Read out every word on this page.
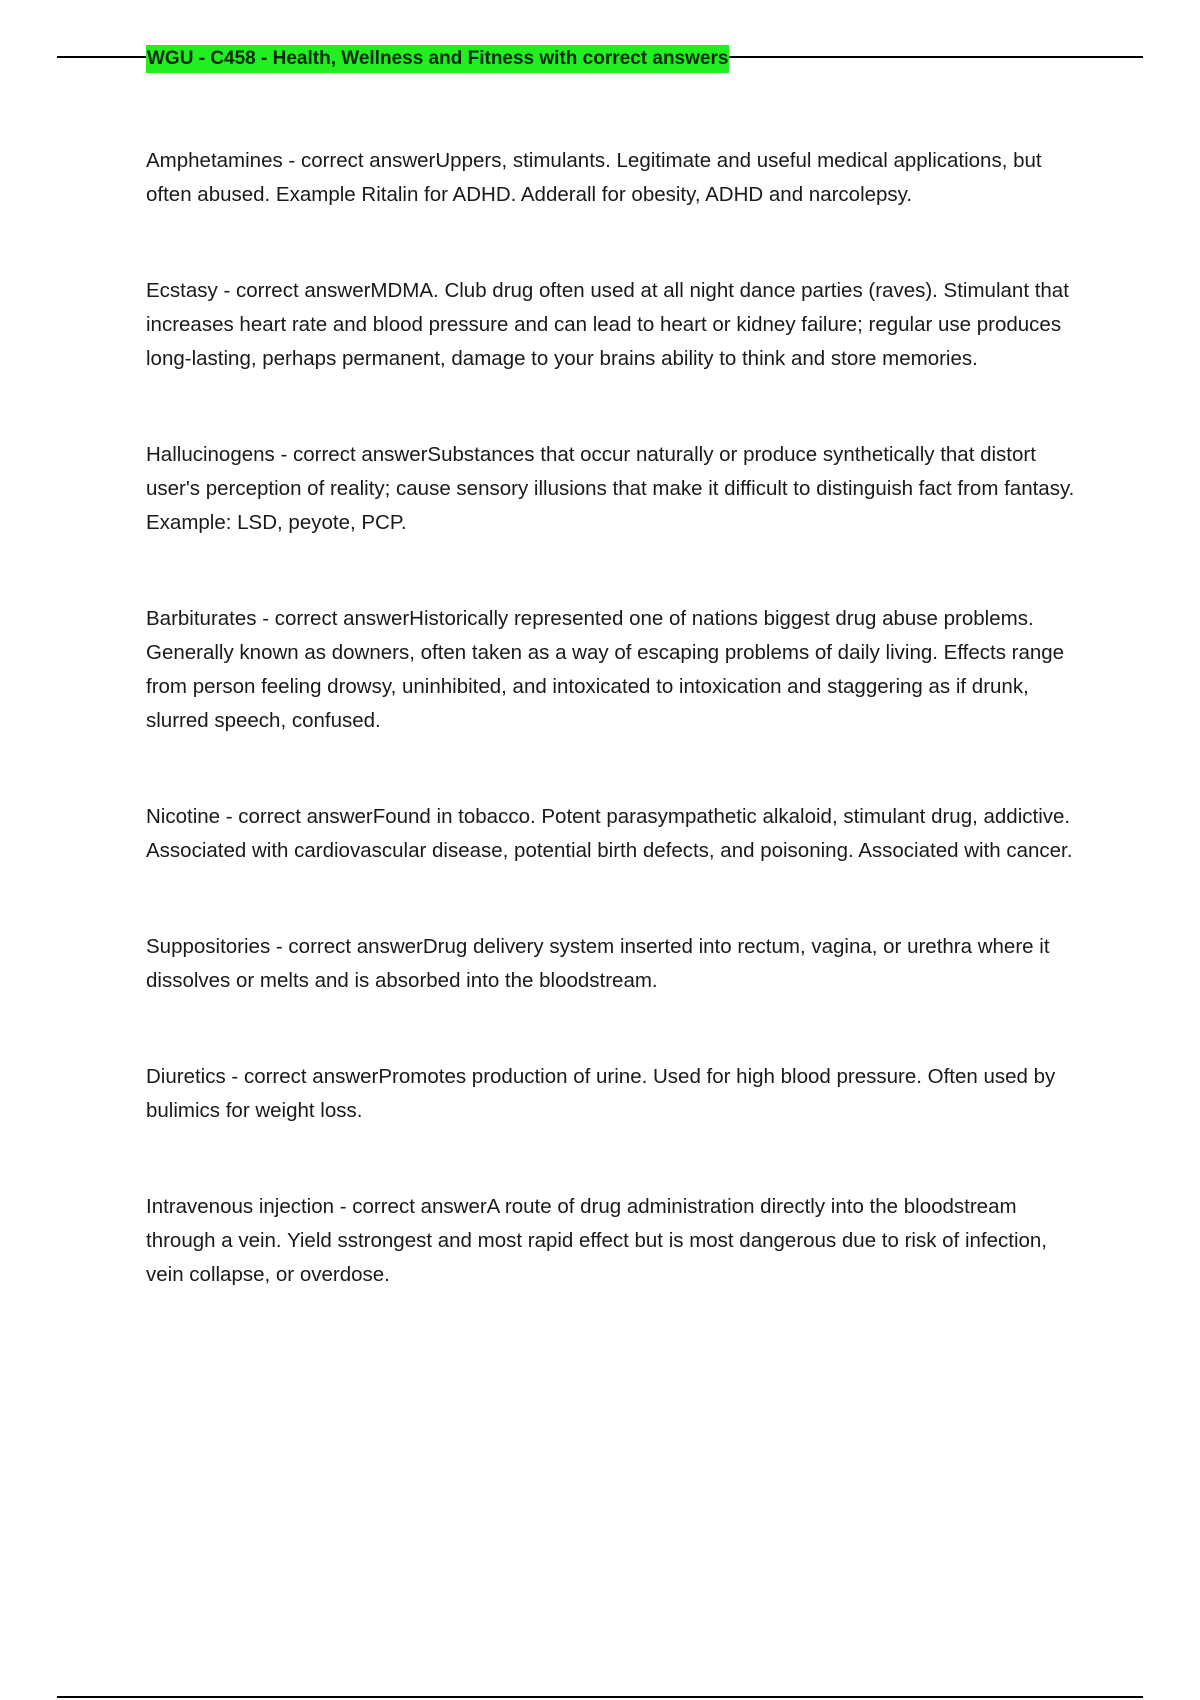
WGU - C458 - Health, Wellness and Fitness with correct answers

Amphetamines - correct answerUppers, stimulants. Legitimate and useful medical applications, but often abused. Example Ritalin for ADHD. Adderall for obesity, ADHD and narcolepsy.

Ecstasy - correct answerMDMA. Club drug often used at all night dance parties (raves). Stimulant that increases heart rate and blood pressure and can lead to heart or kidney failure; regular use produces long-lasting, perhaps permanent, damage to your brains ability to think and store memories.

Hallucinogens - correct answerSubstances that occur naturally or produce synthetically that distort user's perception of reality; cause sensory illusions that make it difficult to distinguish fact from fantasy. Example: LSD, peyote, PCP.

Barbiturates - correct answerHistorically represented one of nations biggest drug abuse problems. Generally known as downers, often taken as a way of escaping problems of daily living. Effects range from person feeling drowsy, uninhibited, and intoxicated to intoxication and staggering as if drunk, slurred speech, confused.

Nicotine - correct answerFound in tobacco. Potent parasympathetic alkaloid, stimulant drug, addictive. Associated with cardiovascular disease, potential birth defects, and poisoning. Associated with cancer.

Suppositories - correct answerDrug delivery system inserted into rectum, vagina, or urethra where it dissolves or melts and is absorbed into the bloodstream.

Diuretics - correct answerPromotes production of urine. Used for high blood pressure. Often used by bulimics for weight loss.

Intravenous injection - correct answerA route of drug administration directly into the bloodstream through a vein. Yield sstrongest and most rapid effect but is most dangerous due to risk of infection, vein collapse, or overdose.
